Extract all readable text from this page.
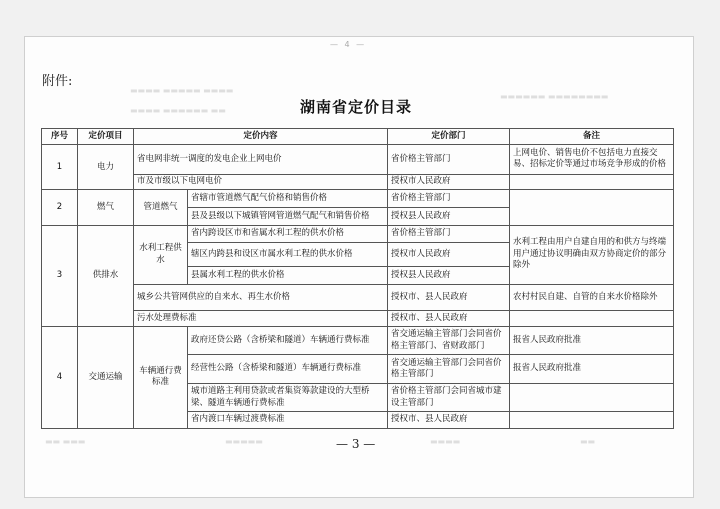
— 4 —
▬▬▬▬ ▬▬▬▬▬ ▬▬▬▬
▬▬▬▬▬▬ ▬▬▬▬▬▬▬▬
▬▬▬▬ ▬▬▬▬▬▬ ▬▬
▬▬ ▬▬▬	▬▬▬▬▬	▬▬▬▬	▬▬
附件:
湖南省定价目录
序号	定价项目	定价内容		定价部门	备注
1	电力	省电网非统一调度的发电企业上网电价		省价格主管部门	上网电价、销售电价不包括电力直接交易、招标定价等通过市场竞争形成的价格
		市及市级以下电网电价		授权市人民政府	
2	燃气	管道燃气	省辖市管道燃气配气价格和销售价格	省价格主管部门	
			县及县级以下城镇管网管道燃气配气和销售价格	授权县人民政府	
3	供排水	水利工程供水	省内跨设区市和省属水利工程的供水价格	省价格主管部门	水利工程由用户自建自用的和供方与终端用户通过协议明确由双方协商定价的部分除外
			辖区内跨县和设区市属水利工程的供水价格	授权市人民政府	
			县属水利工程的供水价格	授权县人民政府	
		城乡公共管网供应的自来水、再生水价格		授权市、县人民政府	农村村民自建、自管的自来水价格除外
		污水处理费标准		授权市、县人民政府	
4	交通运输	车辆通行费标准	政府还贷公路（含桥梁和隧道）车辆通行费标准	省交通运输主管部门会同省价格主管部门、省财政部门	报省人民政府批准
			经营性公路（含桥梁和隧道）车辆通行费标准	省交通运输主管部门会同省价格主管部门	报省人民政府批准
			城市道路主利用贷款或者集资筹款建设的大型桥梁、隧道车辆通行费标准	省价格主管部门会同省城市建设主管部门	
			省内渡口车辆过渡费标准	授权市、县人民政府	
— 3 —
